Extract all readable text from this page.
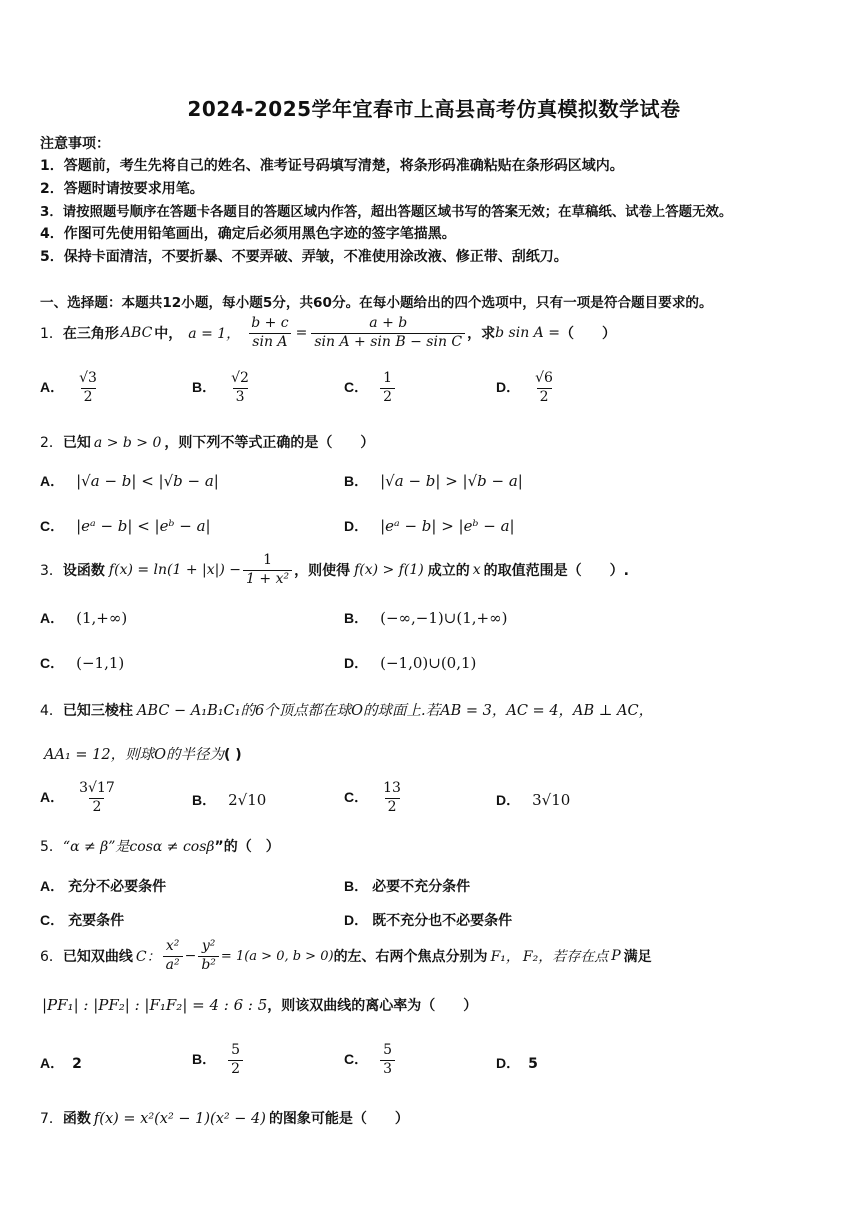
2024-2025学年宜春市上高县高考仿真模拟数学试卷
注意事项：
1．答题前，考生先将自己的姓名、准考证号码填写清楚，将条形码准确粘贴在条形码区域内。
2．答题时请按要求用笔。
3．请按照题号顺序在答题卡各题目的答题区域内作答，超出答题区域书写的答案无效；在草稿纸、试卷上答题无效。
4．作图可先使用铅笔画出，确定后必须用黑色字迹的签字笔描黑。
5．保持卡面清洁，不要折暴、不要弄破、弄皱，不准使用涂改液、修正带、刮纸刀。
一、选择题：本题共12小题，每小题5分，共60分。在每小题给出的四个选项中，只有一项是符合题目要求的。
1． 在三角形 ABC 中， a = 1， $\frac{b + c}{\text{sin A}} = \frac{a + b}{\text{sin A + sin B − sin C}}$ ，求 b sin A = （　　）
A． $\frac{√3}{2}$	B． $\frac{√2}{3}$	C． $\frac{1}{2}$	D． $\frac{√6}{2}$
2．已知 a > b > 0 ，则下列不等式正确的是（　　）
A． |√a − b| < |√b − a|	B． |√a − b| > |√b − a|
C． |eᵃ − b| < |eᵇ − a|	D． |eᵃ − b| > |eᵇ − a|
3． 设函数 $f(x) = \ln(1 + |x|) - \frac{1}{\text{1 + x²}}$ ，则使得 f(x) > f(1) 成立的 x 的取值范围是（　　）.
A． (1,+∞)	B． (−∞,−1)∪(1,+∞)
C． (−1,1)	D． (−1,0)∪(0,1)
4．已知三棱柱 ABC − A₁B₁C₁的6个顶点都在球O的球面上.若AB = 3，AC = 4，AB ⊥ AC，
AA₁ = 12，则球O的半径为( )
A． $\frac{3√17}{2}$	B． 2√10	C． $\frac{13}{2}$	D． 3√10
5．“α ≠ β”是cosα ≠ cosβ”的（　）
A． 充分不必要条件	B． 必要不充分条件
C． 充要条件	D． 既不充分也不必要条件
6． 已知双曲线 C： $\frac{\text{x²}}{\text{a²}} - \frac{\text{y²}}{\text{b²}} = 1(a > 0$, b > 0) 的左、右两个焦点分别为 F₁， F₂，若存在点 P 满足
|PF₁| : |PF₂| : |F₁F₂| = 4 : 6 : 5，则该双曲线的离心率为（　　）
A． 2	B． $\frac{5}{2}$	C． $\frac{5}{3}$	D． 5
7．函数 f(x) = x²(x² − 1)(x² − 4) 的图象可能是（　　）
